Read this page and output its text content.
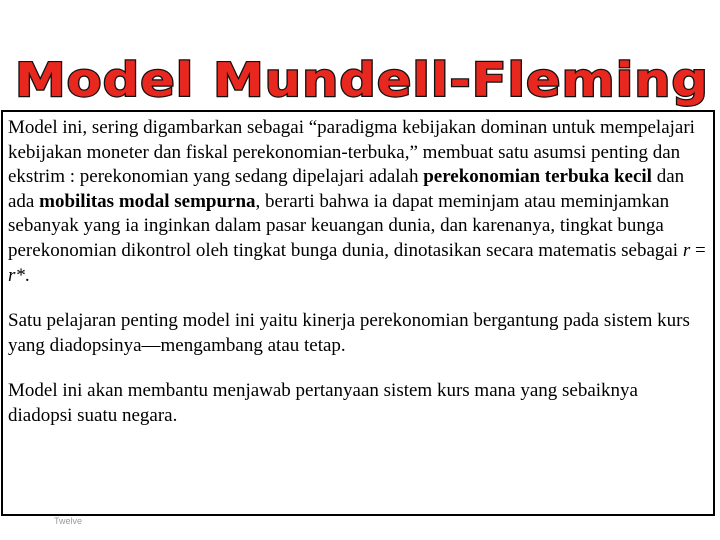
Model Mundell-Fleming

Model ini, sering digambarkan sebagai “paradigma kebijakan dominan untuk mempelajari kebijakan moneter dan fiskal perekonomian-terbuka,” membuat satu asumsi penting dan ekstrim : perekonomian yang sedang dipelajari adalah perekonomian terbuka kecil dan ada mobilitas modal sempurna, berarti bahwa ia dapat meminjam atau meminjamkan sebanyak yang ia inginkan dalam pasar keuangan dunia, dan karenanya, tingkat bunga perekonomian dikontrol oleh tingkat bunga dunia, dinotasikan secara matematis sebagai r = r*.

Satu pelajaran penting model ini yaitu kinerja perekonomian bergantung pada sistem kurs yang diadopsinya—mengambang atau tetap.

Model ini akan membantu menjawab pertanyaan sistem kurs mana yang sebaiknya diadopsi suatu negara.

Twelve
